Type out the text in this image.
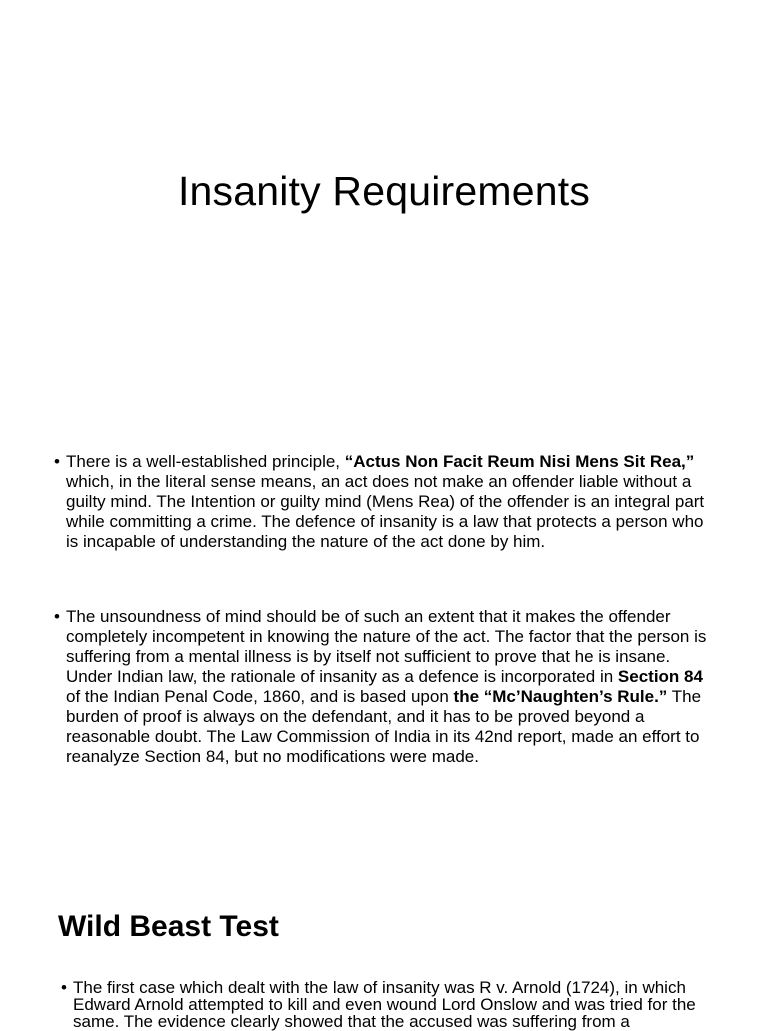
Insanity Requirements

• There is a well-established principle, “Actus Non Facit Reum Nisi Mens Sit Rea,” which, in the literal sense means, an act does not make an offender liable without a guilty mind. The Intention or guilty mind (Mens Rea) of the offender is an integral part while committing a crime. The defence of insanity is a law that protects a person who is incapable of understanding the nature of the act done by him.

• The unsoundness of mind should be of such an extent that it makes the offender completely incompetent in knowing the nature of the act. The factor that the person is suffering from a mental illness is by itself not sufficient to prove that he is insane. Under Indian law, the rationale of insanity as a defence is incorporated in Section 84 of the Indian Penal Code, 1860, and is based upon the “Mc’Naughten’s Rule.” The burden of proof is always on the defendant, and it has to be proved beyond a reasonable doubt. The Law Commission of India in its 42nd report, made an effort to reanalyze Section 84, but no modifications were made.

Wild Beast Test

• The first case which dealt with the law of insanity was R v. Arnold (1724), in which Edward Arnold attempted to kill and even wound Lord Onslow and was tried for the same. The evidence clearly showed that the accused was suffering from a
